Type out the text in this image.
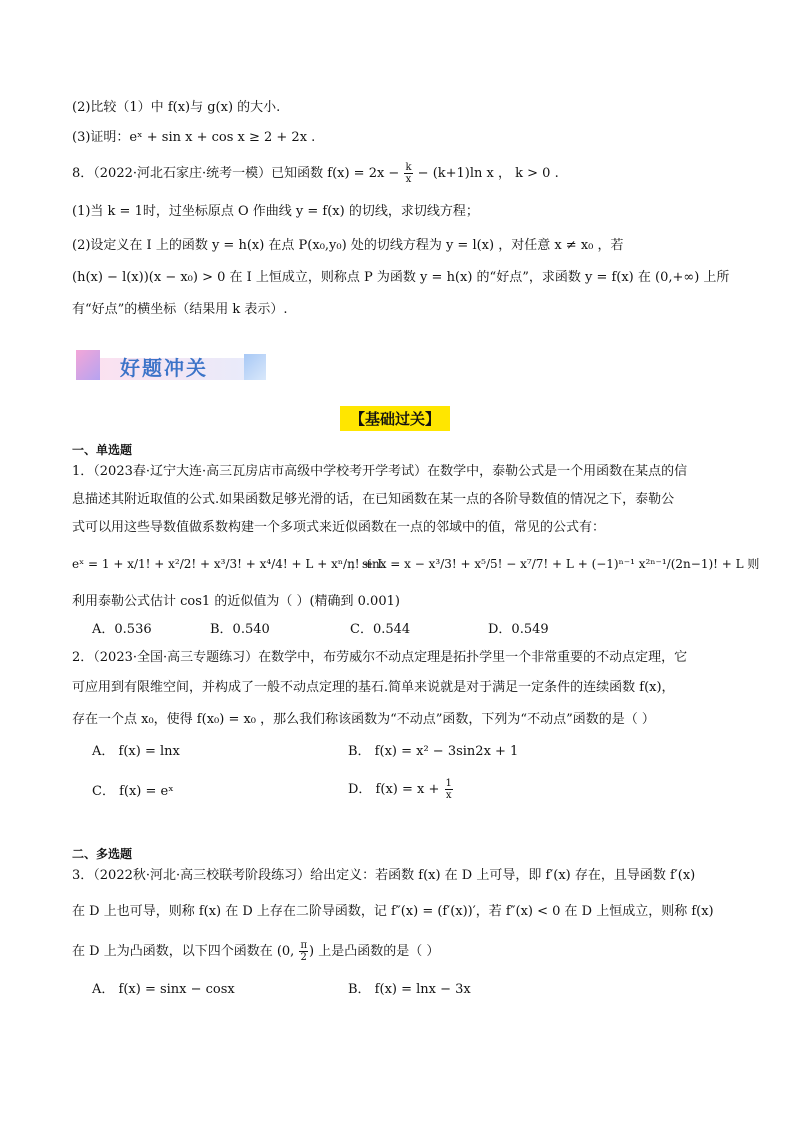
(2)比较（1）中 f(x)与 g(x) 的大小.
(3)证明：eˣ + sin x + cos x ≥ 2 + 2x .
8．（2022·河北石家庄·统考一模）已知函数 $f(x) = 2x - \frac{k}{x} - (k+1)\ln$ x ， k > 0 .
(1)当 k = 1时，过坐标原点 O 作曲线 y = f(x) 的切线，求切线方程；
(2)设定义在 I 上的函数 y = h(x) 在点 P(x₀,y₀) 处的切线方程为 y = l(x) ，对任意 x ≠ x₀ ，若
(h(x) − l(x))(x − x₀) > 0 在 I 上恒成立，则称点 P 为函数 y = h(x) 的“好点”，求函数 y = f(x) 在 (0,+∞) 上所
有“好点”的横坐标（结果用 k 表示）.
好题冲关
【基础过关】
一、单选题
1．（2023春·辽宁大连·高三瓦房店市高级中学校考开学考试）在数学中，泰勒公式是一个用函数在某点的信
息描述其附近取值的公式.如果函数足够光滑的话，在已知函数在某一点的各阶导数值的情况之下，泰勒公
式可以用这些导数值做系数构建一个多项式来近似函数在一点的邻域中的值，常见的公式有：
eˣ = 1 + x/1! + x²/2! + x³/3! + x⁴/4! + L + xⁿ/n! + L
；sinx = x − x³/3! + x⁵/5! − x⁷/7! + L + (−1)ⁿ⁻¹ x²ⁿ⁻¹/(2n−1)! + L 则
利用泰勒公式估计 cos1 的近似值为（ ）(精确到 0.001)
A．0.536	B．0.540	C．0.544	D．0.549
2．（2023·全国·高三专题练习）在数学中，布劳威尔不动点定理是拓扑学里一个非常重要的不动点定理，它
可应用到有限维空间，并构成了一般不动点定理的基石.简单来说就是对于满足一定条件的连续函数 f(x)，
存在一个点 x₀，使得 f(x₀) = x₀ ，那么我们称该函数为“不动点”函数，下列为“不动点”函数的是（ ）
A． f(x) = lnx	B． f(x) = x² − 3sin2x + 1
C． f(x) = eˣ	D． $f(x) = x + \frac{1}{x}$
二、多选题
3．（2022秋·河北·高三校联考阶段练习）给出定义：若函数 f(x) 在 D 上可导，即 f′(x) 存在，且导函数 f′(x)
在 D 上也可导，则称 f(x) 在 D 上存在二阶导函数，记 f″(x) = (f′(x))′，若 f″(x) < 0 在 D 上恒成立，则称 f(x)
在 D 上为凸函数，以下四个函数在 (0, $\frac{\pi}{2}$ ) 上是凸函数的是（ ）
A． f(x) = sinx − cosx	B． f(x) = lnx − 3x
